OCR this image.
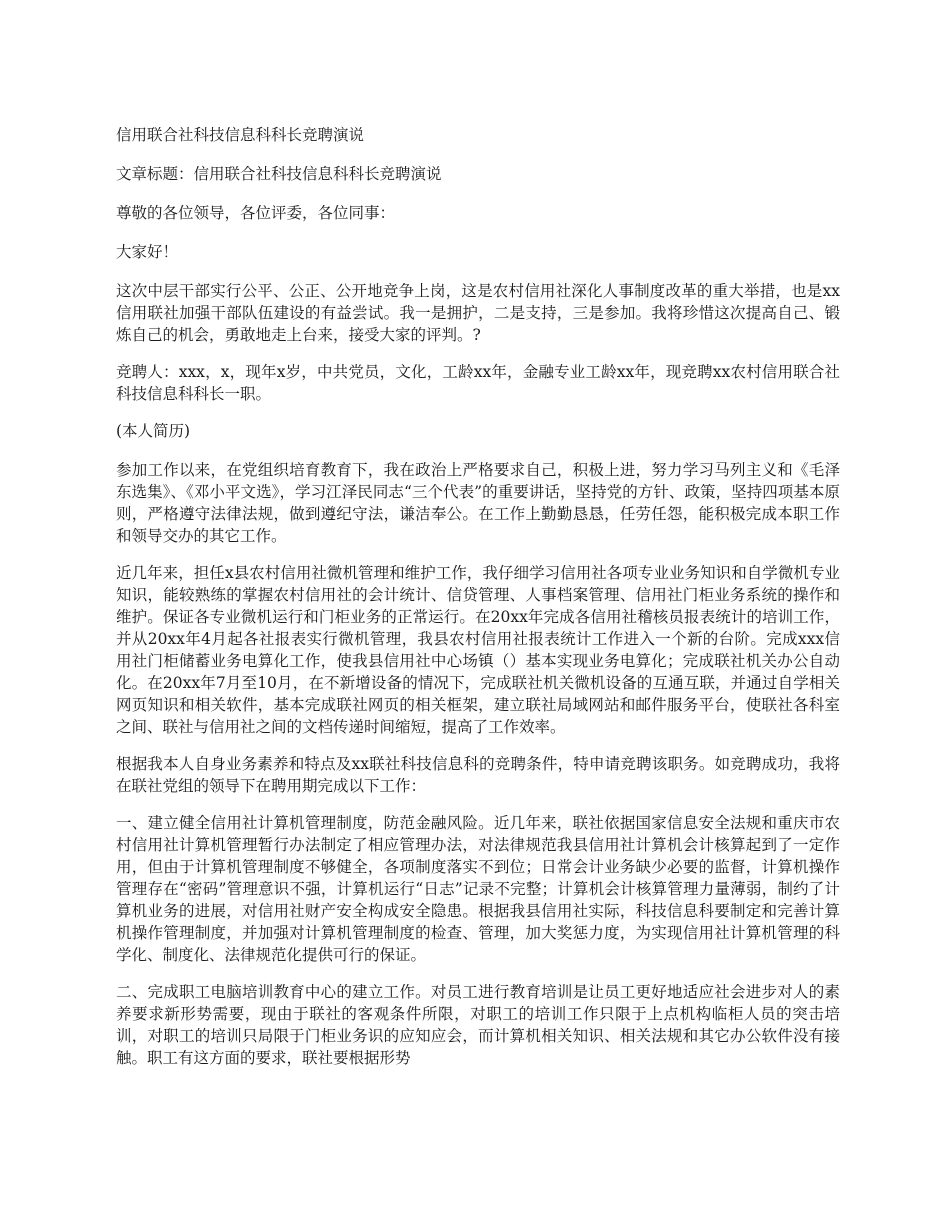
信用联合社科技信息科科长竞聘演说

文章标题：信用联合社科技信息科科长竞聘演说

尊敬的各位领导，各位评委，各位同事：

大家好！

这次中层干部实行公平、公正、公开地竞争上岗，这是农村信用社深化人事制度改革的重大举措，也是xx信用联社加强干部队伍建设的有益尝试。我一是拥护，二是支持，三是参加。我将珍惜这次提高自己、锻炼自己的机会，勇敢地走上台来，接受大家的评判。?

竞聘人：xxx，x，现年x岁，中共党员，文化，工龄xx年，金融专业工龄xx年，现竞聘xx农村信用联合社科技信息科科长一职。

(本人简历)

参加工作以来，在党组织培育教育下，我在政治上严格要求自己，积极上进，努力学习马列主义和《毛泽东选集》、《邓小平文选》，学习江泽民同志“三个代表”的重要讲话，坚持党的方针、政策，坚持四项基本原则，严格遵守法律法规，做到遵纪守法，谦洁奉公。在工作上勤勤恳恳，任劳任怨，能积极完成本职工作和领导交办的其它工作。

近几年来，担任x县农村信用社微机管理和维护工作，我仔细学习信用社各项专业业务知识和自学微机专业知识，能较熟练的掌握农村信用社的会计统计、信贷管理、人事档案管理、信用社门柜业务系统的操作和维护。保证各专业微机运行和门柜业务的正常运行。在20xx年完成各信用社稽核员报表统计的培训工作，并从20xx年4月起各社报表实行微机管理，我县农村信用社报表统计工作进入一个新的台阶。完成xxx信用社门柜储蓄业务电算化工作，使我县信用社中心场镇（）基本实现业务电算化；完成联社机关办公自动化。在20xx年7月至10月，在不新增设备的情况下，完成联社机关微机设备的互通互联，并通过自学相关网页知识和相关软件，基本完成联社网页的相关框架，建立联社局域网站和邮件服务平台，使联社各科室之间、联社与信用社之间的文档传递时间缩短，提高了工作效率。

根据我本人自身业务素养和特点及xx联社科技信息科的竞聘条件，特申请竞聘该职务。如竞聘成功，我将在联社党组的领导下在聘用期完成以下工作：

一、建立健全信用社计算机管理制度，防范金融风险。近几年来，联社依据国家信息安全法规和重庆市农村信用社计算机管理暂行办法制定了相应管理办法，对法律规范我县信用社计算机会计核算起到了一定作用，但由于计算机管理制度不够健全，各项制度落实不到位；日常会计业务缺少必要的监督，计算机操作管理存在“密码”管理意识不强，计算机运行“日志”记录不完整；计算机会计核算管理力量薄弱，制约了计算机业务的进展，对信用社财产安全构成安全隐患。根据我县信用社实际，科技信息科要制定和完善计算机操作管理制度，并加强对计算机管理制度的检查、管理，加大奖惩力度，为实现信用社计算机管理的科学化、制度化、法律规范化提供可行的保证。

二、完成职工电脑培训教育中心的建立工作。对员工进行教育培训是让员工更好地适应社会进步对人的素养要求新形势需要，现由于联社的客观条件所限，对职工的培训工作只限于上点机构临柜人员的突击培训，对职工的培训只局限于门柜业务识的应知应会，而计算机相关知识、相关法规和其它办公软件没有接触。职工有这方面的要求，联社要根据形势
